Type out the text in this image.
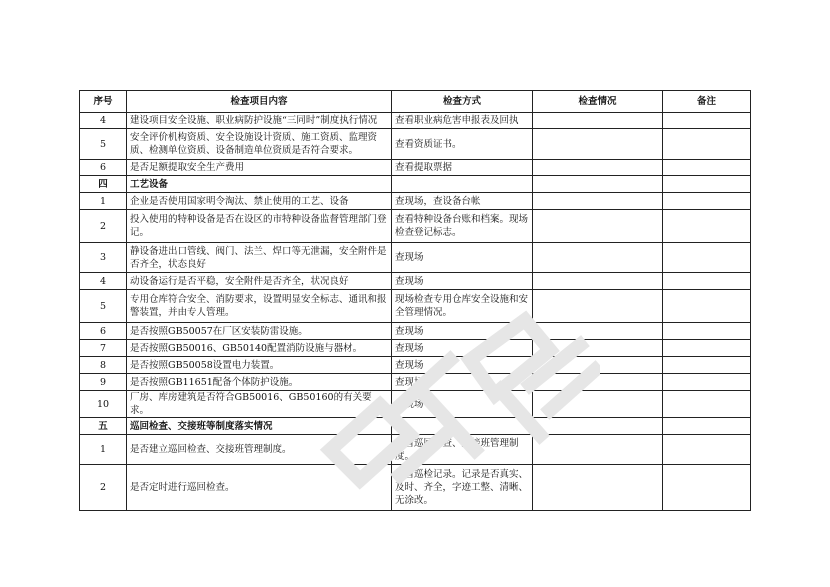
序号	检查项目内容	检查方式	检查情况	备注
4	建设项目安全设施、职业病防护设施“三同时”制度执行情况	查看职业病危害申报表及回执		
5	安全评价机构资质、安全设施设计资质、施工资质、监理资质、检测单位资质、设备制造单位资质是否符合要求。	查看资质证书。		
6	是否足额提取安全生产费用	查看提取票据		
四	工艺设备			
1	企业是否使用国家明令淘汰、禁止使用的工艺、设备	查现场，查设备台帐		
2	投入使用的特种设备是否在设区的市特种设备监督管理部门登记。	查看特种设备台账和档案。现场检查登记标志。		
3	静设备进出口管线、阀门、法兰、焊口等无泄漏，安全附件是否齐全，状态良好	查现场		
4	动设备运行是否平稳，安全附件是否齐全，状况良好	查现场		
5	专用仓库符合安全、消防要求，设置明显安全标志、通讯和报警装置，并由专人管理。	现场检查专用仓库安全设施和安全管理情况。		
6	是否按照GB50057在厂区安装防雷设施。	查现场		
7	是否按照GB50016、GB50140配置消防设施与器材。	查现场		
8	是否按照GB50058设置电力装置。	查现场		
9	是否按照GB11651配备个体防护设施。	查现场		
10	厂房、库房建筑是否符合GB50016、GB50160的有关要求。	查现场		
五	巡回检查、交接班等制度落实情况			
1	是否建立巡回检查、交接班管理制度。	查看巡回检查、交接班管理制度。		
2	是否定时进行巡回检查。	查看巡检记录。记录是否真实、及时、齐全，字迹工整、清晰、无涂改。		
